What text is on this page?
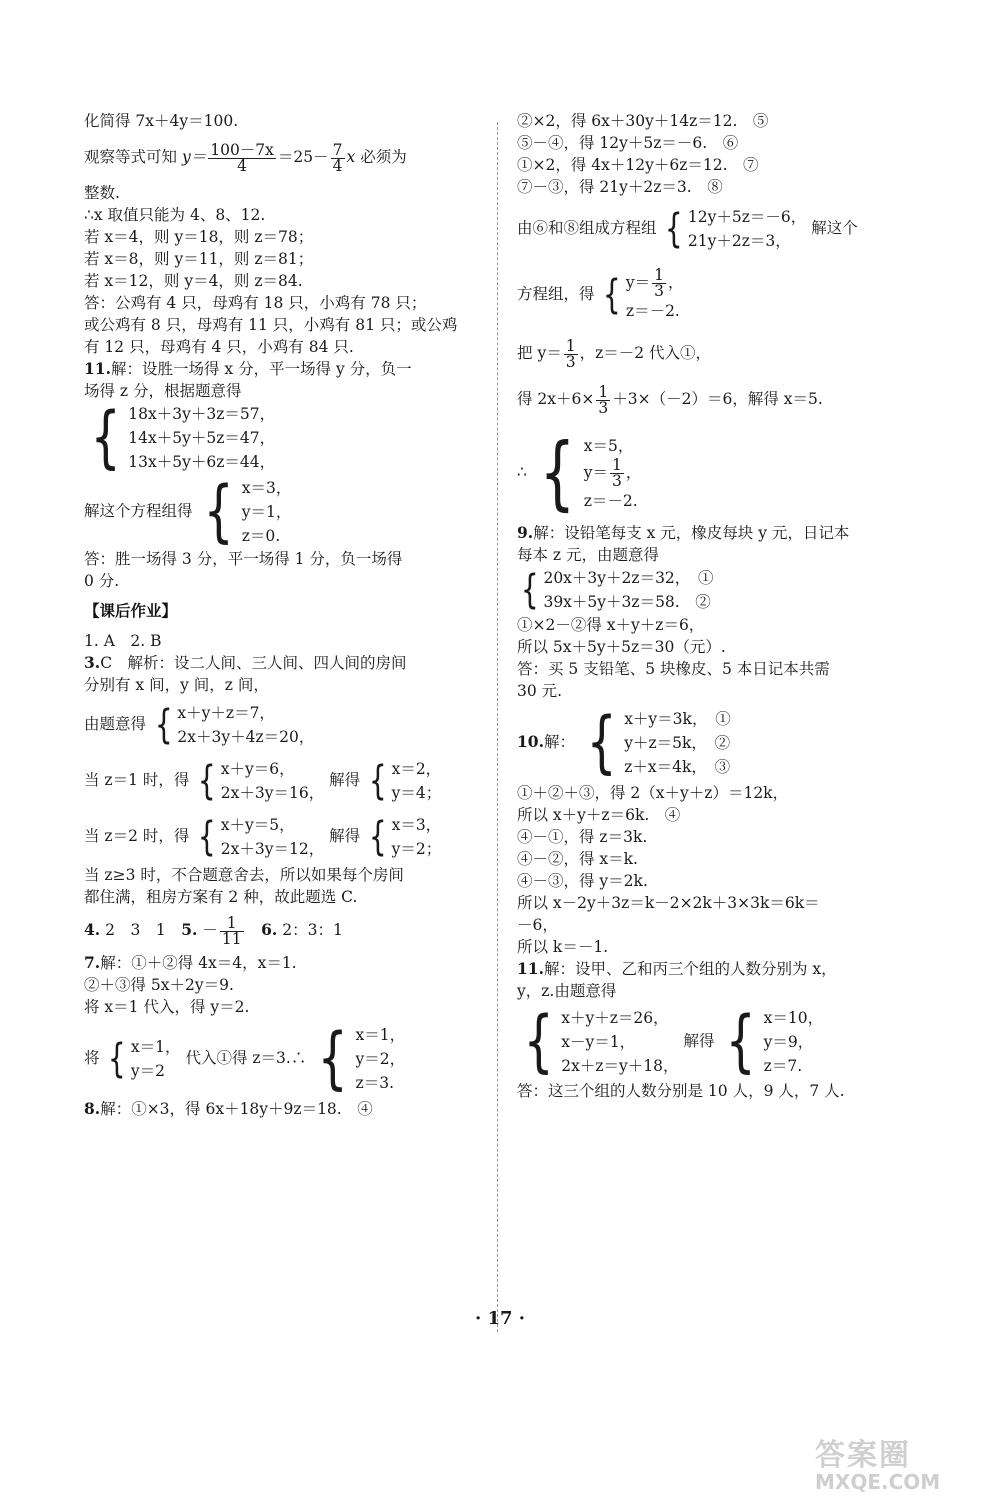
化简得 7x＋4y＝100.
观察等式可知 $y= \frac{100-7x}{4} =25- \frac{7}{4}$ x 必须为
整数.
∴x 取值只能为 4、8、12.
若 x＝4，则 y＝18，则 z＝78；
若 x＝8，则 y＝11，则 z＝81；
若 x＝12，则 y＝4，则 z＝84.
答：公鸡有 4 只，母鸡有 18 只，小鸡有 78 只；
或公鸡有 8 只，母鸡有 11 只，小鸡有 81 只；或公鸡
有 12 只，母鸡有 4 只，小鸡有 84 只.
11.解：设胜一场得 x 分，平一场得 y 分，负一
场得 z 分，根据题意得
{ 18x＋3y＋3z＝57，
14x＋5y＋5z＝47，
13x＋5y＋6z＝44，
解这个方程组得 { x＝3，
y＝1，
z＝0.
答：胜一场得 3 分，平一场得 1 分，负一场得
0 分.
【课后作业】
1. A　2. B
3.C　解析：设二人间、三人间、四人间的房间
分别有 x 间，y 间，z 间，
由题意得 { x＋y＋z＝7，
2x＋3y＋4z＝20，
当 z＝1 时，得 { x＋y＝6，
2x＋3y＝16，
解得 { x＝2，
y＝4；
当 z＝2 时，得 { x＋y＝5，
2x＋3y＝12，
解得 { x＝3，
y＝2；
当 z≥3 时，不合题意舍去，所以如果每个房间
都住满，租房方案有 2 种，故此题选 C.
4. 2　3　1　 5. － $\frac{1}{11}$
　 6. 2：3：1
7.解：①＋②得 4x＝4，x＝1.
②＋③得 5x＋2y＝9.
将 x＝1 代入，得 y＝2.
将 { x＝1，
y＝2
代入①得 z＝3.∴ { x＝1，
y＝2，
z＝3.
8.解：①×3，得 6x＋18y＋9z＝18.　④
②×2，得 6x＋30y＋14z＝12.　⑤
⑤－④，得 12y＋5z＝－6.　⑥
①×2，得 4x＋12y＋6z＝12.　⑦
⑦－③，得 21y＋2z＝3.　⑧
由⑥和⑧组成方程组 { 12y＋5z＝－6，
21y＋2z＝3，
解这个
方程组，得 { $y= \frac{1}{3}$ ，
z＝－2.
把 $y= \frac{1}{3}$ ，z＝－2 代入①，
得 $2x+6\times \frac{1}{3} +3\times(-2)=6$，解得 x＝5.
∴ { x＝5，
$y= \frac{1}{3}$ ，
z＝－2.
9.解：设铅笔每支 x 元，橡皮每块 y 元，日记本
每本 z 元，由题意得
{ 20x＋3y＋2z＝32，　①
39x＋5y＋3z＝58.　②
①×2－②得 x＋y＋z＝6，
所以 5x＋5y＋5z＝30（元）.
答：买 5 支铅笔、5 块橡皮、5 本日记本共需
30 元.
10.解： { x＋y＝3k，　①
y＋z＝5k，　②
z＋x＝4k，　③
①＋②＋③，得 2（x＋y＋z）＝12k，
所以 x＋y＋z＝6k.　④
④－①，得 z＝3k.
④－②，得 x＝k.
④－③，得 y＝2k.
所以 x－2y＋3z＝k－2×2k＋3×3k＝6k＝
－6，
所以 k＝－1.
11.解：设甲、乙和丙三个组的人数分别为 x，
y，z.由题意得
{ x＋y＋z＝26，
x－y＝1，
2x＋z＝y＋18，
解得 { x＝10，
y＝9，
z＝7.
答：这三个组的人数分别是 10 人，9 人，7 人.
· 17 ·
答案圈
MXQE.COM
